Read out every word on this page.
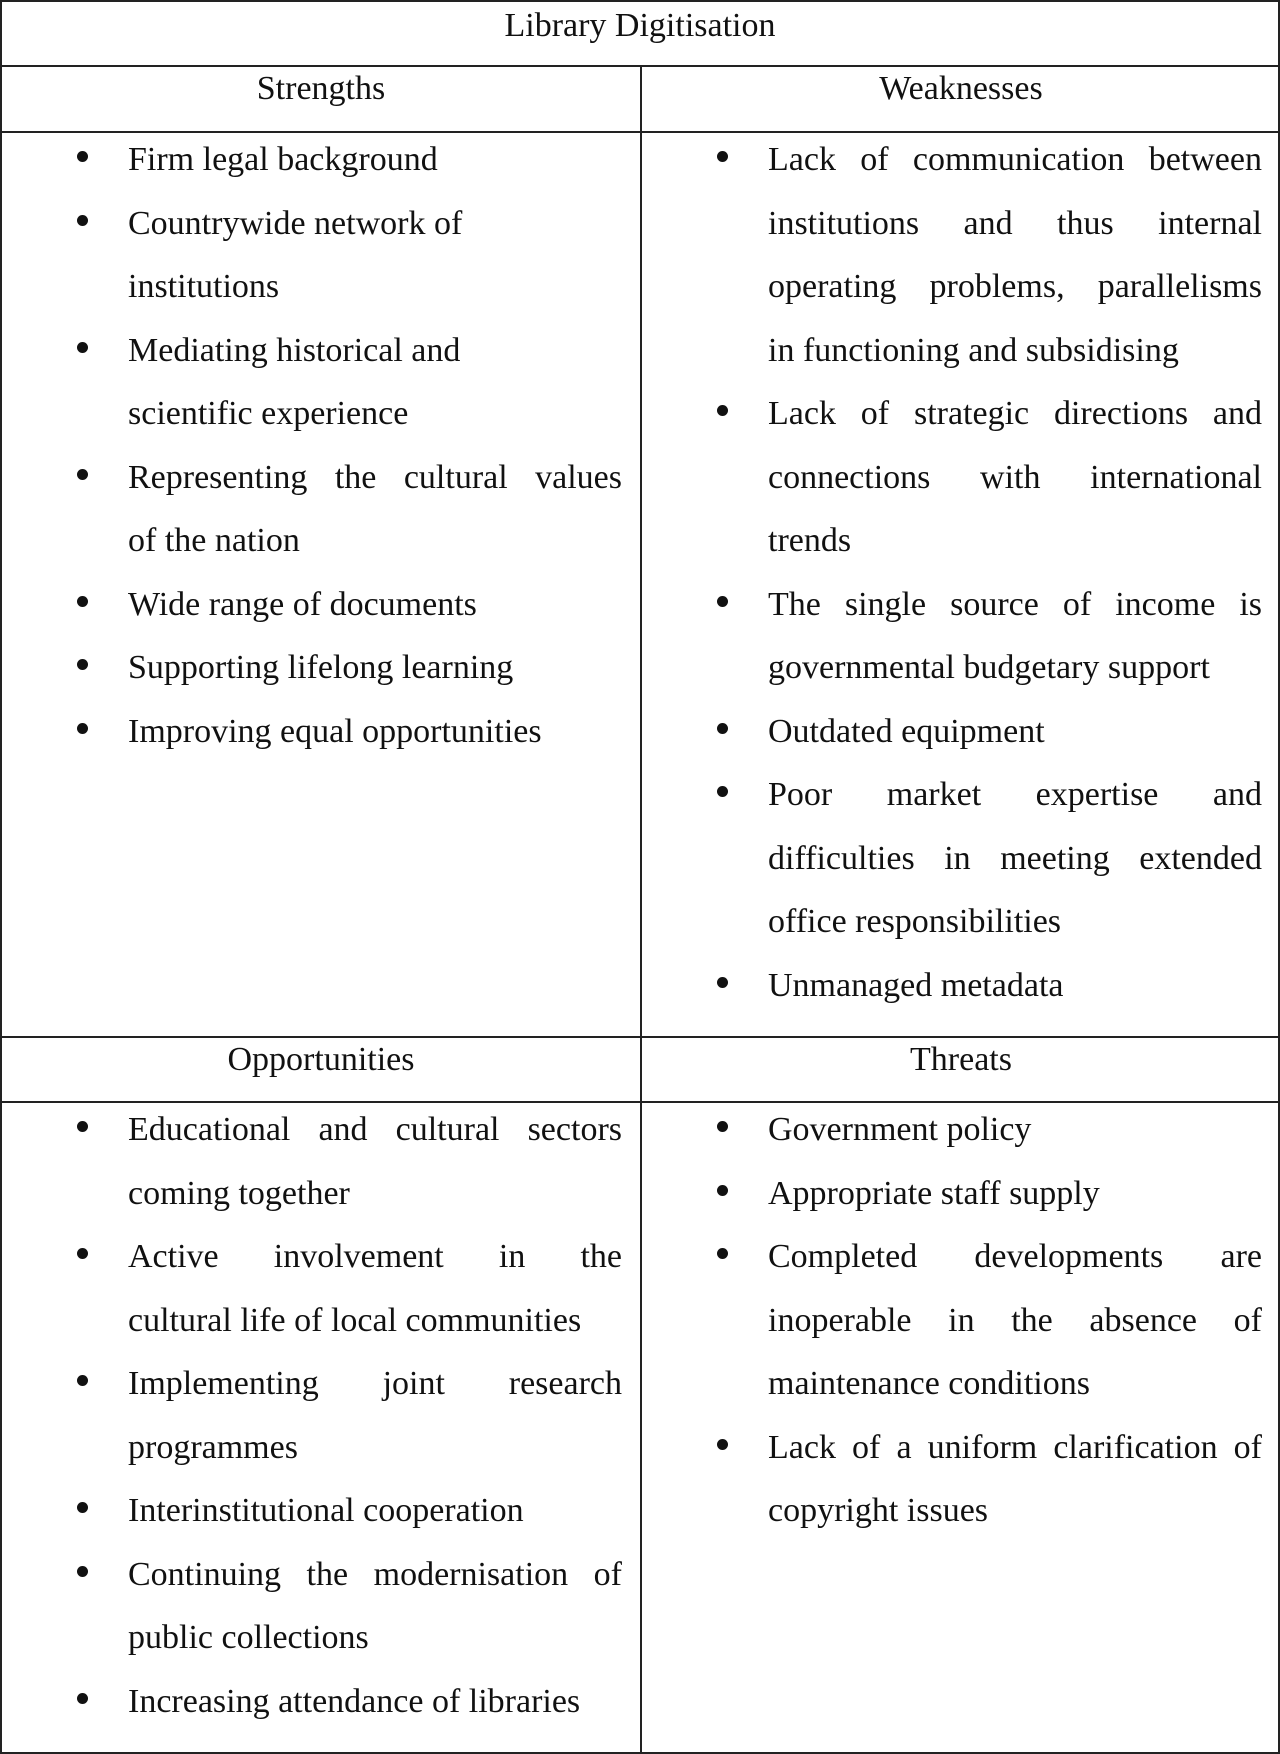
Library Digitisation
Strengths	Weaknesses
Firm legal background
Countrywide network of
institutions
Mediating historical and
scientific experience
Representing the cultural values
of the nation
Wide range of documents
Supporting lifelong learning
Improving equal opportunities
Lack of communication between
institutions and thus internal
operating problems, parallelisms
in functioning and subsidising
Lack of strategic directions and
connections with international
trends
The single source of income is
governmental budgetary support
Outdated equipment
Poor market expertise and
difficulties in meeting extended
office responsibilities
Unmanaged metadata
Opportunities	Threats
Educational and cultural sectors
coming together
Active involvement in the
cultural life of local communities
Implementing joint research
programmes
Interinstitutional cooperation
Continuing the modernisation of
public collections
Increasing attendance of libraries
Government policy
Appropriate staff supply
Completed developments are
inoperable in the absence of
maintenance conditions
Lack of a uniform clarification of
copyright issues
